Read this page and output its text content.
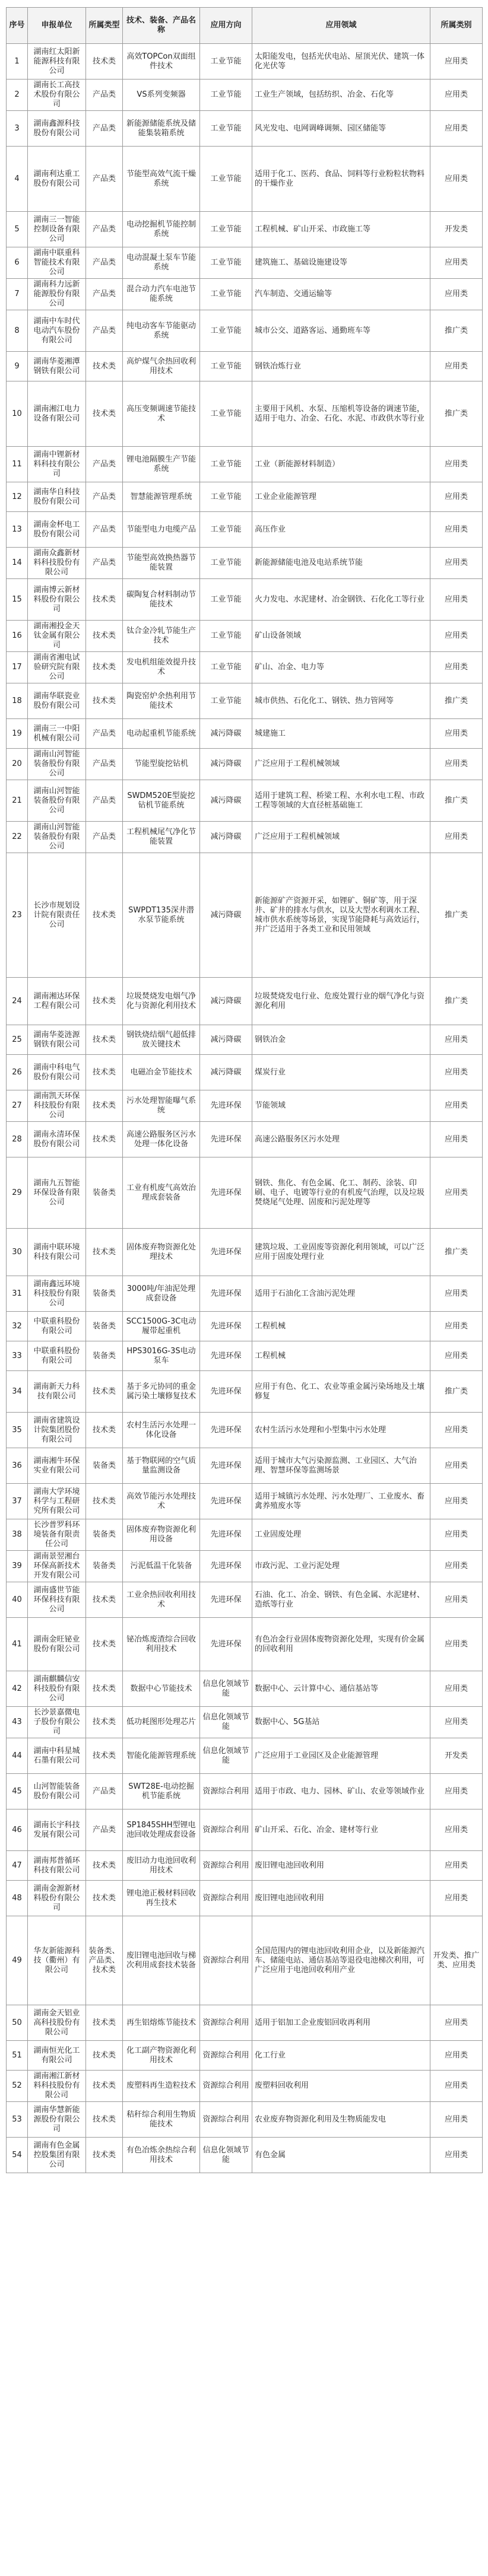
序号	申报单位	所属类型	技术、装备、产品名称	应用方向	应用领域	所属类别
1	湖南红太阳新能源科技有限公司	技术类	高效TOPCon双面组件技术	工业节能	太阳能发电，包括光伏电站、屋顶光伏、建筑一体化光伏等	应用类
2	湖南长工高技术股份有限公司	产品类	VS系列变频器	工业节能	工业生产领域，包括纺织、冶金、石化等	应用类
3	湖南鑫源科技股份有限公司	产品类	新能源储能系统及储能集装箱系统	工业节能	风光发电、电网调峰调频、园区储能等	应用类
4	湖南利达重工股份有限公司	产品类	节能型高效气流干燥系统	工业节能	适用于化工、医药、食品、饲料等行业粉粒状物料的干燥作业	应用类
5	湖南三一智能控制设备有限公司	产品类	电动挖掘机节能控制系统	工业节能	工程机械、矿山开采、市政施工等	开发类
6	湖南中联重科智能技术有限公司	产品类	电动混凝土泵车节能系统	工业节能	建筑施工、基础设施建设等	应用类
7	湖南科力远新能源股份有限公司	产品类	混合动力汽车电池节能系统	工业节能	汽车制造、交通运输等	应用类
8	湖南中车时代电动汽车股份有限公司	产品类	纯电动客车节能驱动系统	工业节能	城市公交、道路客运、通勤班车等	推广类
9	湖南华菱湘潭钢铁有限公司	技术类	高炉煤气余热回收利用技术	工业节能	钢铁冶炼行业	应用类
10	湖南湘江电力设备有限公司	技术类	高压变频调速节能技术	工业节能	主要用于风机、水泵、压缩机等设备的调速节能，适用于电力、冶金、石化、水泥、市政供水等行业	推广类
11	湖南中锂新材料科技有限公司	产品类	锂电池隔膜生产节能系统	工业节能	工业（新能源材料制造）	应用类
12	湖南华自科技股份有限公司	产品类	智慧能源管理系统	工业节能	工业企业能源管理	应用类
13	湖南金杯电工股份有限公司	产品类	节能型电力电缆产品	工业节能	高压作业	应用类
14	湖南众鑫新材料科技股份有限公司	产品类	节能型高效换热器节能装置	工业节能	新能源储能电池及电站系统节能	应用类
15	湖南博云新材料股份有限公司	技术类	碳陶复合材料制动节能技术	工业节能	火力发电、水泥建材、冶金钢铁、石化化工等行业	应用类
16	湖南湘投金天钛金属有限公司	技术类	钛合金冷轧节能生产技术	工业节能	矿山设备领域	应用类
17	湖南省湘电试验研究院有限公司	技术类	发电机组能效提升技术	工业节能	矿山、冶金、电力等	应用类
18	湖南华联瓷业股份有限公司	技术类	陶瓷窑炉余热利用节能技术	工业节能	城市供热、石化化工、钢铁、热力管网等	推广类
19	湖南三一中阳机械有限公司	产品类	电动起重机节能系统	减污降碳	城建施工	应用类
20	湖南山河智能装备股份有限公司	产品类	节能型旋挖钻机	减污降碳	广泛应用于工程机械领域	应用类
21	湖南山河智能装备股份有限公司	产品类	SWDM520E型旋挖钻机节能系统	减污降碳	适用于建筑工程、桥梁工程、水利水电工程、市政工程等领域的大直径桩基础施工	推广类
22	湖南山河智能装备股份有限公司	产品类	工程机械尾气净化节能装置	减污降碳	广泛应用于工程机械领域	应用类
23	长沙市规划设计院有限责任公司	技术类	SWPDT135深井潜水泵节能系统	减污降碳	新能源矿产资源开采，如锂矿、铜矿等，用于深井、矿井的排水与供水，以及大型水利调水工程、城市供水系统等场景，实现节能降耗与高效运行，并广泛适用于各类工业和民用领域	推广类
24	湖南湘达环保工程有限公司	技术类	垃圾焚烧发电烟气净化与资源化利用技术	减污降碳	垃圾焚烧发电行业、危废处置行业的烟气净化与资源化利用	推广类
25	湖南华菱涟源钢铁有限公司	技术类	钢铁烧结烟气超低排放关键技术	减污降碳	钢铁冶金	应用类
26	湖南中科电气股份有限公司	技术类	电磁冶金节能技术	减污降碳	煤炭行业	应用类
27	湖南凯天环保科技股份有限公司	技术类	污水处理智能曝气系统	先进环保	节能领域	应用类
28	湖南永清环保股份有限公司	技术类	高速公路服务区污水处理一体化设备	先进环保	高速公路服务区污水处理	应用类
29	湖南九五智能环保设备有限公司	装备类	工业有机废气高效治理成套装备	先进环保	钢铁、焦化、有色金属、化工、制药、涂装、印刷、电子、电镀等行业的有机废气治理，以及垃圾焚烧尾气处理、固废和污泥处理等	应用类
30	湖南中联环境科技有限公司	技术类	固体废弃物资源化处理技术	先进环保	建筑垃圾、工业固废等资源化利用领域，可以广泛应用于固废处理行业	推广类
31	湖南鑫远环境科技股份有限公司	装备类	3000吨/年油泥处理成套设备	先进环保	适用于石油化工含油污泥处理	应用类
32	中联重科股份有限公司	装备类	SCC1500G-3C电动履带起重机	先进环保	工程机械	应用类
33	中联重科股份有限公司	装备类	HPS3016G-3S电动泵车	先进环保	工程机械	应用类
34	湖南新天力科技有限公司	技术类	基于多元协同的重金属污染土壤修复技术	先进环保	应用于有色、化工、农业等重金属污染场地及土壤修复	推广类
35	湖南省建筑设计院集团股份有限公司	技术类	农村生活污水处理一体化设备	先进环保	农村生活污水处理和小型集中污水处理	应用类
36	湖南湘牛环保实业有限公司	装备类	基于物联网的空气质量监测设备	先进环保	适用于城市大气污染源监测、工业园区、大气治理、智慧环保等监测场景	应用类
37	湖南大学环境科学与工程研究所有限公司	技术类	高效节能污水处理技术	先进环保	适用于城镇污水处理、污水处理厂、工业废水、畜禽养殖废水等	应用类
38	长沙普罗科环境装备有限责任公司	装备类	固体废弃物资源化利用设备	先进环保	工业固废处理	应用类
39	湖南景翌湘台环保高新技术开发有限公司	装备类	污泥低温干化装备	先进环保	市政污泥、工业污泥处理	应用类
40	湖南盛世节能环保科技有限公司	技术类	工业余热回收利用技术	先进环保	石油、化工、冶金、钢铁、有色金属、水泥建材、造纸等行业	应用类
41	湖南金旺铋业股份有限公司	技术类	铋冶炼废渣综合回收利用技术	先进环保	有色冶金行业固体废物资源化处理，实现有价金属的回收利用	应用类
42	湖南麒麟信安科技股份有限公司	技术类	数据中心节能技术	信息化领域节能	数据中心、云计算中心、通信基站等	应用类
43	长沙景嘉微电子股份有限公司	技术类	低功耗图形处理芯片	信息化领域节能	数据中心、5G基站	应用类
44	湖南中科星城石墨有限公司	技术类	智能化能源管理系统	信息化领域节能	广泛应用于工业园区及企业能源管理	开发类
45	山河智能装备股份有限公司	产品类	SWT28E-电动挖掘机节能系统	资源综合利用	适用于市政、电力、园林、矿山、农业等领域作业	应用类
46	湖南长宇科技发展有限公司	产品类	SP1845SHH型锂电池回收处理成套设备	资源综合利用	矿山开采、石化、冶金、建材等行业	应用类
47	湖南邦普循环科技有限公司	技术类	废旧动力电池回收利用技术	资源综合利用	废旧锂电池回收利用	应用类
48	湖南金源新材料股份有限公司	技术类	锂电池正极材料回收再生技术	资源综合利用	废旧锂电池回收利用	应用类
49	华友新能源科技（衢州）有限公司	装备类、产品类、技术类	废旧锂电池回收与梯次利用成套技术装备	资源综合利用	全国范围内的锂电池回收利用企业，以及新能源汽车、储能电站、通信基站等退役电池梯次利用，可广泛应用于电池回收利用产业	开发类、推广类、应用类
50	湖南金天铝业高科技股份有限公司	技术类	再生铝熔炼节能技术	资源综合利用	适用于铝加工企业废铝回收再利用	应用类
51	湖南恒光化工有限公司	技术类	化工副产物资源化利用技术	资源综合利用	化工行业	应用类
52	湖南湘江新材料科技股份有限公司	技术类	废塑料再生造粒技术	资源综合利用	废塑料回收利用	应用类
53	湖南华慧新能源股份有限公司	技术类	秸秆综合利用生物质能技术	资源综合利用	农业废弃物资源化利用及生物质能发电	应用类
54	湖南有色金属控股集团有限公司	技术类	有色冶炼余热综合利用技术	信息化领域节能	有色金属	应用类
